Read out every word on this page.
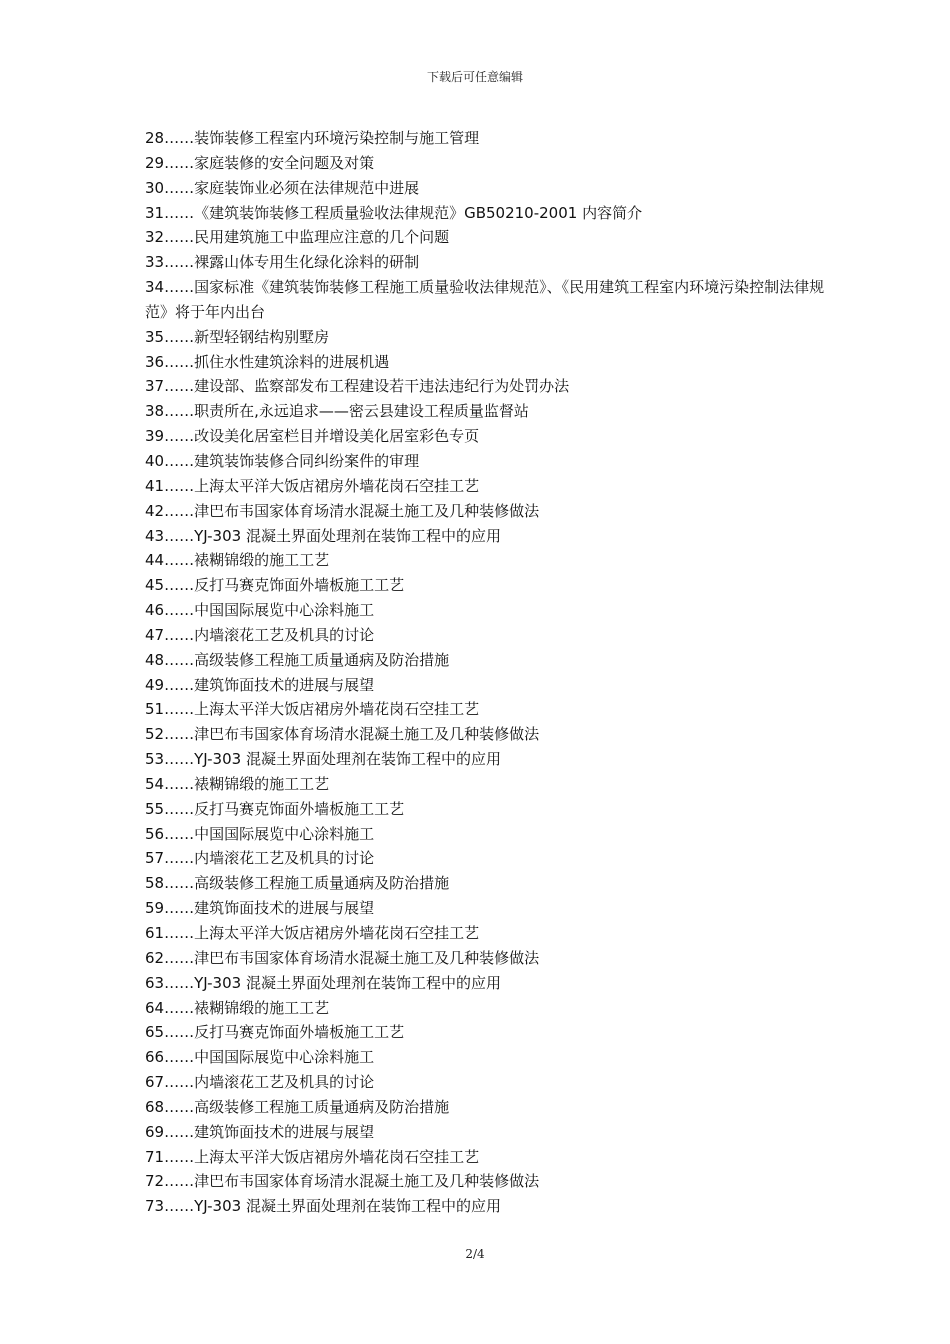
下载后可任意编辑
28……装饰装修工程室内环境污染控制与施工管理
29……家庭装修的安全问题及对策
30……家庭装饰业必须在法律规范中进展
31……《建筑装饰装修工程质量验收法律规范》GB50210-2001 内容简介
32……民用建筑施工中监理应注意的几个问题
33……裸露山体专用生化绿化涂料的研制
34……国家标准《建筑装饰装修工程施工质量验收法律规范》、《民用建筑工程室内环境污染控制法律规范》将于年内出台
35……新型轻钢结构别墅房
36……抓住水性建筑涂料的进展机遇
37……建设部、监察部发布工程建设若干违法违纪行为处罚办法
38……职责所在,永远追求——密云县建设工程质量监督站
39……改设美化居室栏目并增设美化居室彩色专页
40……建筑装饰装修合同纠纷案件的审理
41……上海太平洋大饭店裙房外墙花岗石空挂工艺
42……津巴布韦国家体育场清水混凝土施工及几种装修做法
43……YJ-303 混凝土界面处理剂在装饰工程中的应用
44……裱糊锦缎的施工工艺
45……反打马赛克饰面外墙板施工工艺
46……中国国际展览中心涂料施工
47……内墙滚花工艺及机具的讨论
48……高级装修工程施工质量通病及防治措施
49……建筑饰面技术的进展与展望
51……上海太平洋大饭店裙房外墙花岗石空挂工艺
52……津巴布韦国家体育场清水混凝土施工及几种装修做法
53……YJ-303 混凝土界面处理剂在装饰工程中的应用
54……裱糊锦缎的施工工艺
55……反打马赛克饰面外墙板施工工艺
56……中国国际展览中心涂料施工
57……内墙滚花工艺及机具的讨论
58……高级装修工程施工质量通病及防治措施
59……建筑饰面技术的进展与展望
61……上海太平洋大饭店裙房外墙花岗石空挂工艺
62……津巴布韦国家体育场清水混凝土施工及几种装修做法
63……YJ-303 混凝土界面处理剂在装饰工程中的应用
64……裱糊锦缎的施工工艺
65……反打马赛克饰面外墙板施工工艺
66……中国国际展览中心涂料施工
67……内墙滚花工艺及机具的讨论
68……高级装修工程施工质量通病及防治措施
69……建筑饰面技术的进展与展望
71……上海太平洋大饭店裙房外墙花岗石空挂工艺
72……津巴布韦国家体育场清水混凝土施工及几种装修做法
73……YJ-303 混凝土界面处理剂在装饰工程中的应用
2/4
